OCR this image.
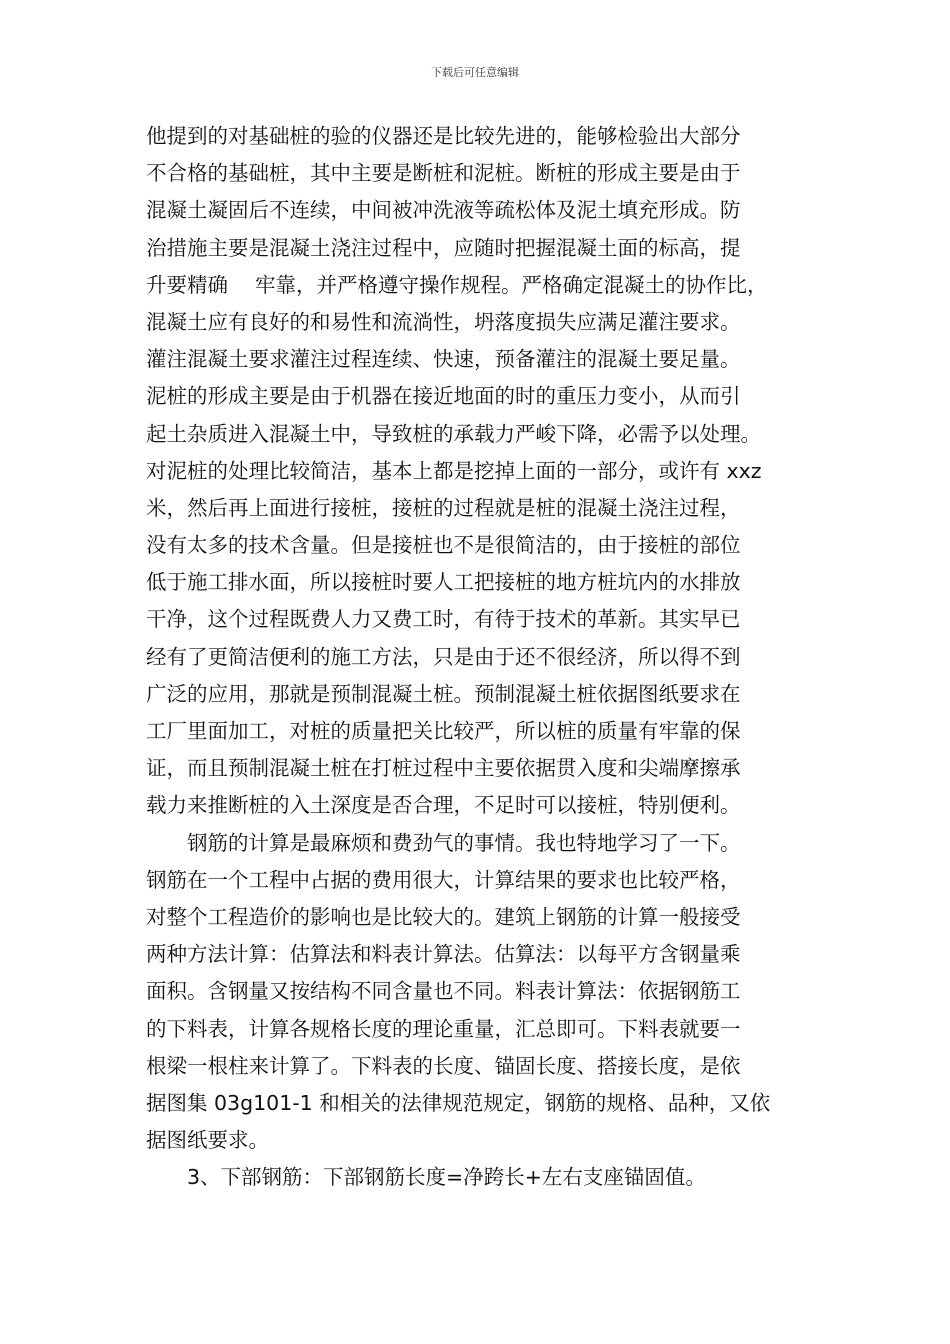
下载后可任意编辑
他提到的对基础桩的验的仪器还是比较先进的，能够检验出大部分
不合格的基础桩，其中主要是断桩和泥桩。断桩的形成主要是由于
混凝土凝固后不连续，中间被冲洗液等疏松体及泥土填充形成。防
治措施主要是混凝土浇注过程中，应随时把握混凝土面的标高，提
升要精确　 牢靠，并严格遵守操作规程。严格确定混凝土的协作比，
混凝土应有良好的和易性和流淌性，坍落度损失应满足灌注要求。
灌注混凝土要求灌注过程连续、快速，预备灌注的混凝土要足量。
泥桩的形成主要是由于机器在接近地面的时的重压力变小，从而引
起土杂质进入混凝土中，导致桩的承载力严峻下降，必需予以处理。
对泥桩的处理比较简洁，基本上都是挖掉上面的一部分，或许有 xxz
米，然后再上面进行接桩，接桩的过程就是桩的混凝土浇注过程，
没有太多的技术含量。但是接桩也不是很简洁的，由于接桩的部位
低于施工排水面，所以接桩时要人工把接桩的地方桩坑内的水排放
干净，这个过程既费人力又费工时，有待于技术的革新。其实早已
经有了更简洁便利的施工方法，只是由于还不很经济，所以得不到
广泛的应用，那就是预制混凝土桩。预制混凝土桩依据图纸要求在
工厂里面加工，对桩的质量把关比较严，所以桩的质量有牢靠的保
证，而且预制混凝土桩在打桩过程中主要依据贯入度和尖端摩擦承
载力来推断桩的入土深度是否合理，不足时可以接桩，特别便利。
钢筋的计算是最麻烦和费劲气的事情。我也特地学习了一下。
钢筋在一个工程中占据的费用很大，计算结果的要求也比较严格，
对整个工程造价的影响也是比较大的。建筑上钢筋的计算一般接受
两种方法计算：估算法和料表计算法。估算法：以每平方含钢量乘
面积。含钢量又按结构不同含量也不同。料表计算法：依据钢筋工
的下料表，计算各规格长度的理论重量，汇总即可。下料表就要一
根梁一根柱来计算了。下料表的长度、锚固长度、搭接长度，是依
据图集 03g101-1 和相关的法律规范规定，钢筋的规格、品种，又依
据图纸要求。
3、下部钢筋：下部钢筋长度=净跨长+左右支座锚固值。
